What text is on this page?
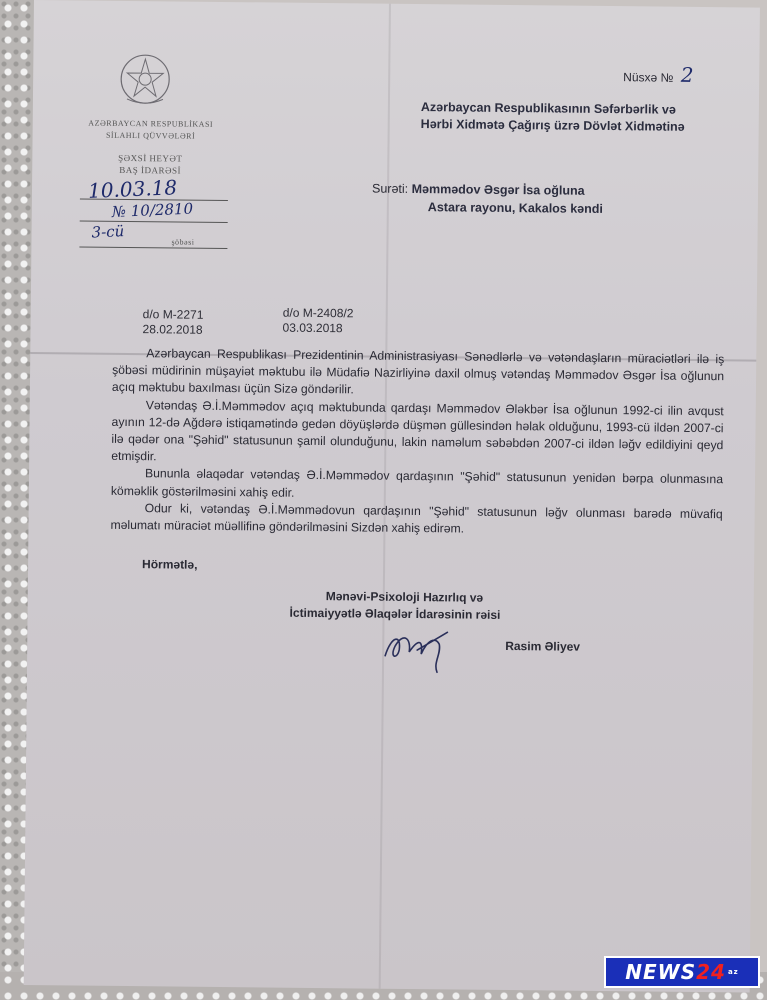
Nüsxə № 2
AZƏRBAYCAN RESPUBLİKASI
SİLAHLI QÜVVƏLƏRİ
ŞƏXSİ HEYƏT
BAŞ İDARƏSİ
10.03.18
№ 10/2810
3-cü
şöbəsi
Azərbaycan Respublikasının Səfərbərlik və
Hərbi Xidmətə Çağırış üzrə Dövlət Xidmətinə
Surəti: Məmmədov Əsgər İsa oğluna
Astara rayonu, Kakalos kəndi
d/o M-2271
28.02.2018
d/o M-2408/2
03.03.2018

Azərbaycan Respublikası Prezidentinin Administrasiyası Sənədlərlə və vətəndaşların müraciətləri ilə iş şöbəsi müdirinin müşayiət məktubu ilə Müdafiə Nazirliyinə daxil olmuş vətəndaş Məmmədov Əsgər İsa oğlunun açıq məktubu baxılması üçün Sizə göndərilir.

Vətəndaş Ə.İ.Məmmədov açıq məktubunda qardaşı Məmmədov Ələkbər İsa oğlunun 1992-ci ilin avqust ayının 12-də Ağdərə istiqamətində gedən döyüşlərdə düşmən güllesindən həlak olduğunu, 1993-cü ildən 2007-ci ilə qədər ona "Şəhid" statusunun şamil olunduğunu, lakin naməlum səbəbdən 2007-ci ildən ləğv edildiyini qeyd etmişdir.

Bununla əlaqədar vətəndaş Ə.İ.Məmmədov qardaşının "Şəhid" statusunun yenidən bərpa olunmasına köməklik göstərilməsini xahiş edir.

Odur ki, vətəndaş Ə.İ.Məmmədovun qardaşının "Şəhid" statusunun ləğv olunması barədə müvafiq məlumatı müraciət müəllifinə göndərilməsini Sizdən xahiş edirəm.

Hörmətlə,
Mənəvi-Psixoloji Hazırlıq və
İctimaiyyətlə Əlaqələr İdarəsinin rəisi
Rasim Əliyev
NEWS 24 az
